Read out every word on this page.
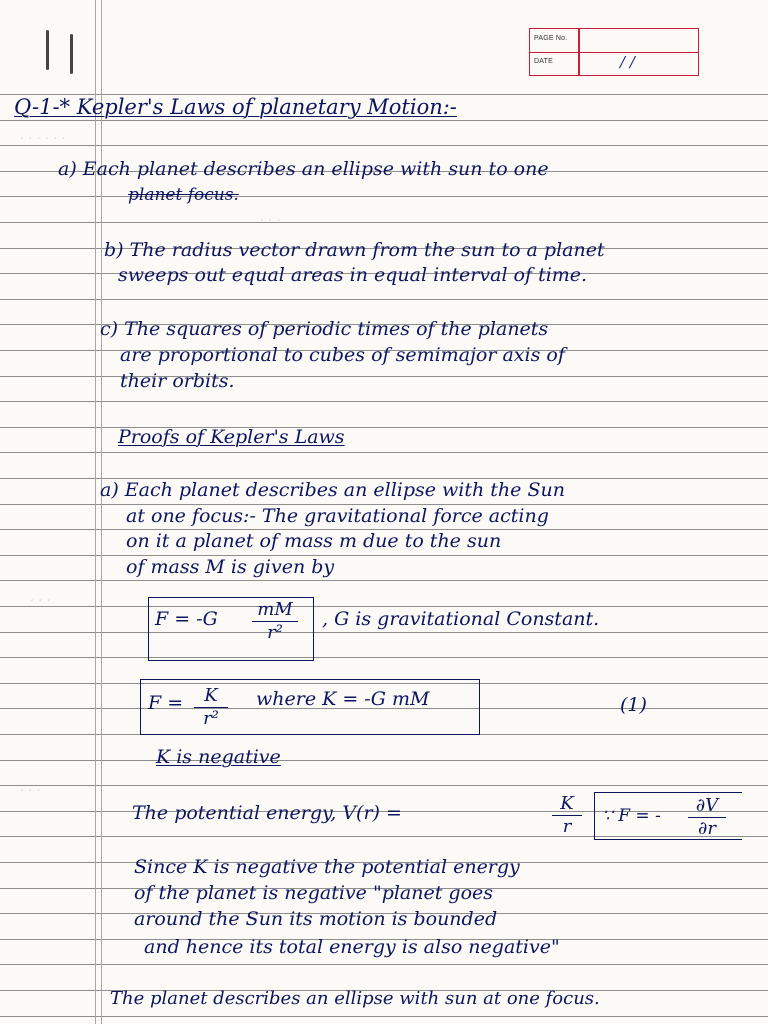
PAGE No.
DATE	/ /
. . . . . .
. . .
. . .
. . .
Q-1-* Kepler's Laws of planetary Motion:-
a) Each planet describes an ellipse with sun to one
planet focus.
b) The radius vector drawn from the sun to a planet
sweeps out equal areas in equal interval of time.
c) The squares of periodic times of the planets
are proportional to cubes of semimajor axis of
their orbits.
Proofs of Kepler's Laws
a) Each planet describes an ellipse with the Sun
at one focus:- The gravitational force acting
on it a planet of mass m due to the sun
of mass M is given by
F = -G mM
r²
, G is gravitational Constant.
F = K
r²
where K = -G mM	(1)
K is negative
The potential energy, V(r) =	K
r ∵ F = - ∂V
∂r
Since K is negative the potential energy
of the planet is negative "planet goes
around the Sun its motion is bounded
and hence its total energy is also negative"
The planet describes an ellipse with sun at one focus.
